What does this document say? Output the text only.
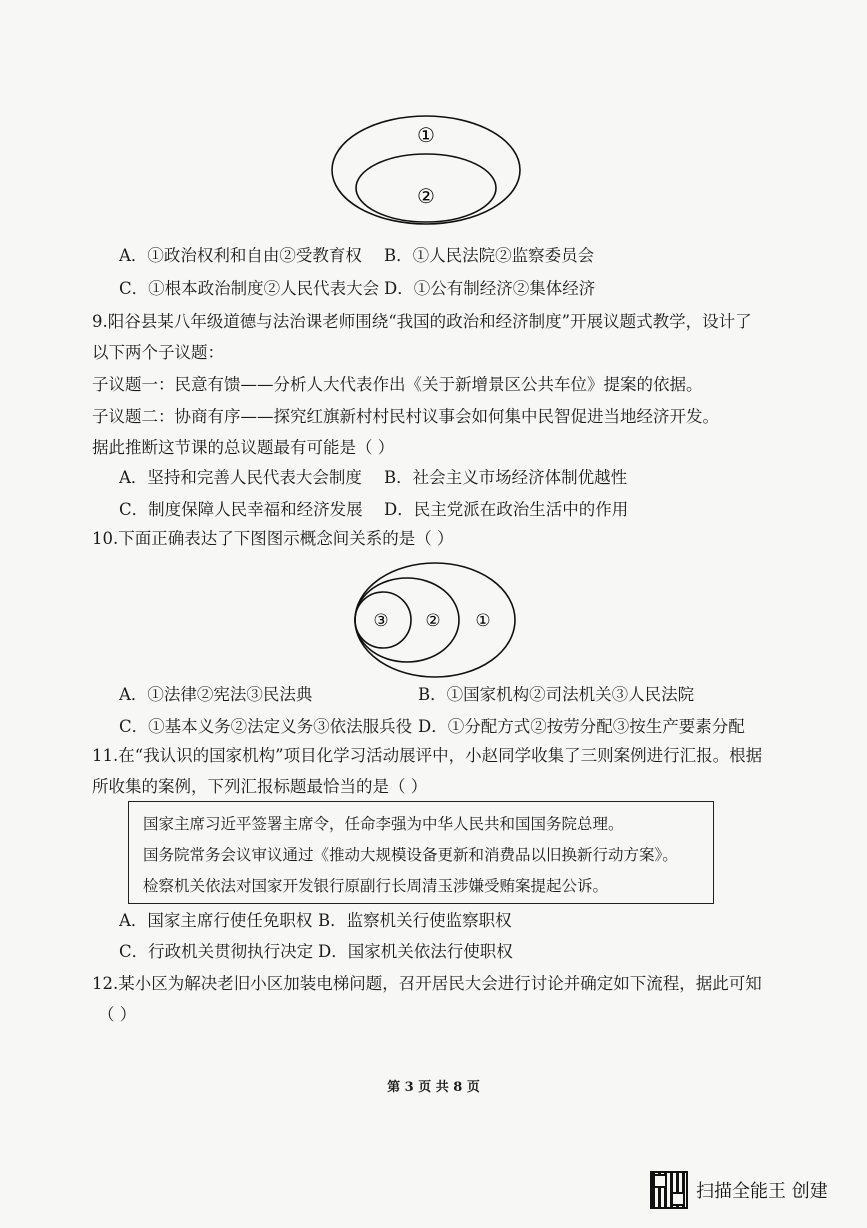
①
②
A．①政治权利和自由②受教育权 B．①人民法院②监察委员会
C．①根本政治制度②人民代表大会 D．①公有制经济②集体经济
9.阳谷县某八年级道德与法治课老师围绕“我国的政治和经济制度”开展议题式教学，设计了
以下两个子议题：
子议题一：民意有馈——分析人大代表作出《关于新增景区公共车位》提案的依据。
子议题二：协商有序——探究红旗新村村民村议事会如何集中民智促进当地经济开发。
据此推断这节课的总议题最有可能是（ ）
A．坚持和完善人民代表大会制度 B．社会主义市场经济体制优越性
C．制度保障人民幸福和经济发展 D．民主党派在政治生活中的作用
10.下面正确表达了下图图示概念间关系的是（ ）
③ ② ①
A．①法律②宪法③民法典	B．①国家机构②司法机关③人民法院
C．①基本义务②法定义务③依法服兵役 D．①分配方式②按劳分配③按生产要素分配
11.在“我认识的国家机构”项目化学习活动展评中，小赵同学收集了三则案例进行汇报。根据
所收集的案例，下列汇报标题最恰当的是（ ）
国家主席习近平签署主席令，任命李强为中华人民共和国国务院总理。
国务院常务会议审议通过《推动大规模设备更新和消费品以旧换新行动方案》。
检察机关依法对国家开发银行原副行长周清玉涉嫌受贿案提起公诉。
A．国家主席行使任免职权 B．监察机关行使监察职权
C．行政机关贯彻执行决定 D．国家机关依法行使职权
12.某小区为解决老旧小区加装电梯问题，召开居民大会进行讨论并确定如下流程，据此可知
（ ）
第 3 页 共 8 页
扫描全能王 创建
